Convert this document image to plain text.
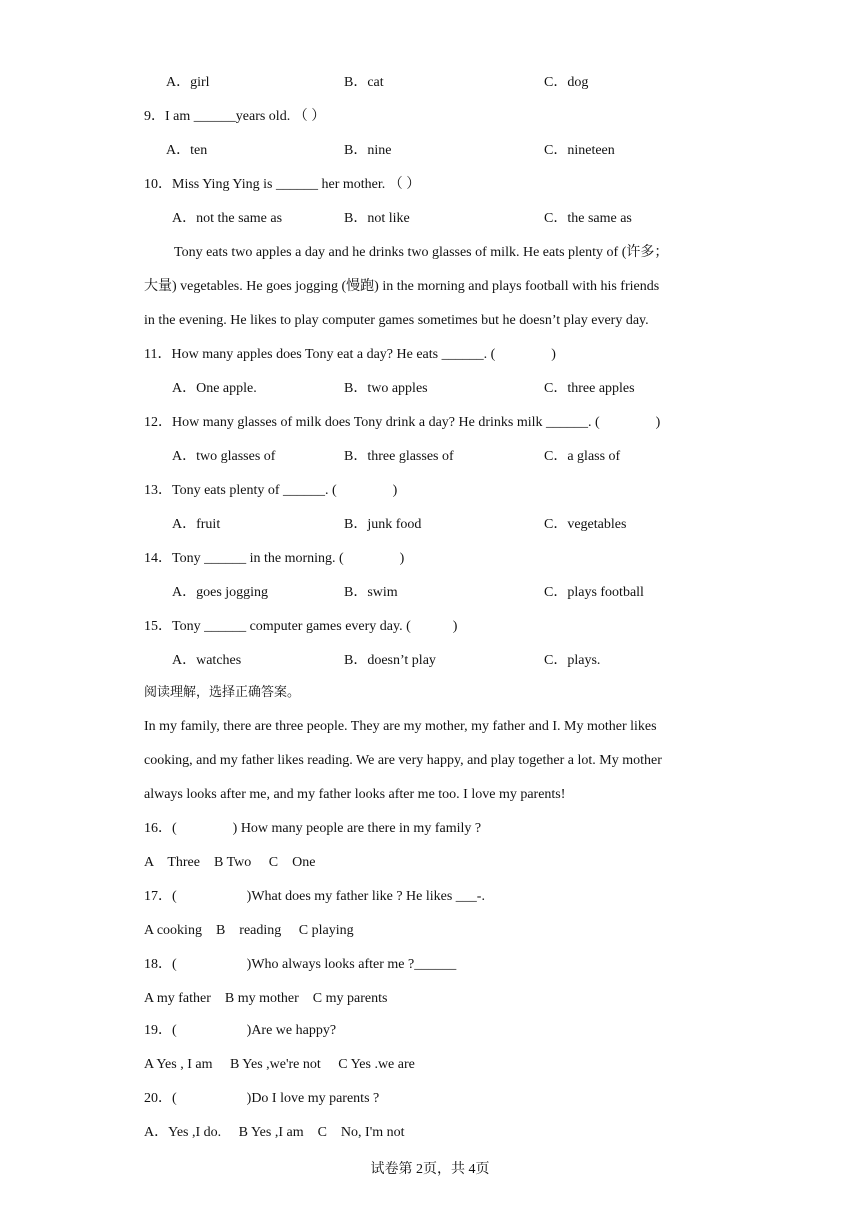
A．girl	B．cat	C．dog
9．I am ______years old. （ ）
A．ten	B．nine	C．nineteen
10．Miss Ying Ying is ______ her mother. （ ）
A．not the same as	B．not like	C．the same as
Tony eats two apples a day and he drinks two glasses of milk. He eats plenty of (许多；
大量) vegetables. He goes jogging (慢跑) in the morning and plays football with his friends
in the evening. He likes to play computer games sometimes but he doesn’t play every day.
11．How many apples does Tony eat a day? He eats ______. (　　　　)
A．One apple.	B．two apples	C．three apples
12．How many glasses of milk does Tony drink a day? He drinks milk ______. (　　　　)
A．two glasses of	B．three glasses of	C．a glass of
13．Tony eats plenty of ______. (　　　　)
A．fruit	B．junk food	C．vegetables
14．Tony ______ in the morning. (　　　　)
A．goes jogging	B．swim	C．plays football
15．Tony ______ computer games every day. (　　　)
A．watches	B．doesn’t play	C．plays.
阅读理解，选择正确答案。
In my family, there are three people. They are my mother, my father and I. My mother likes
cooking, and my father likes reading. We are very happy, and play together a lot. My mother
always looks after me, and my father looks after me too. I love my parents!
16．(　　　　) How many people are there in my family ?
A　Three　B Two　 C　One
17．(　　　　　)What does my father like ? He likes ___-.
A cooking　B　reading　 C playing
18．(　　　　　)Who always looks after me ?______
A my father　B my mother　C my parents
19．(　　　　　)Are we happy?
A Yes , I am　 B Yes ,we're not　 C Yes .we are
20．(　　　　　)Do I love my parents ?
A．Yes ,I do.　 B Yes ,I am　C　No, I'm not
试卷第 2页，共 4页
